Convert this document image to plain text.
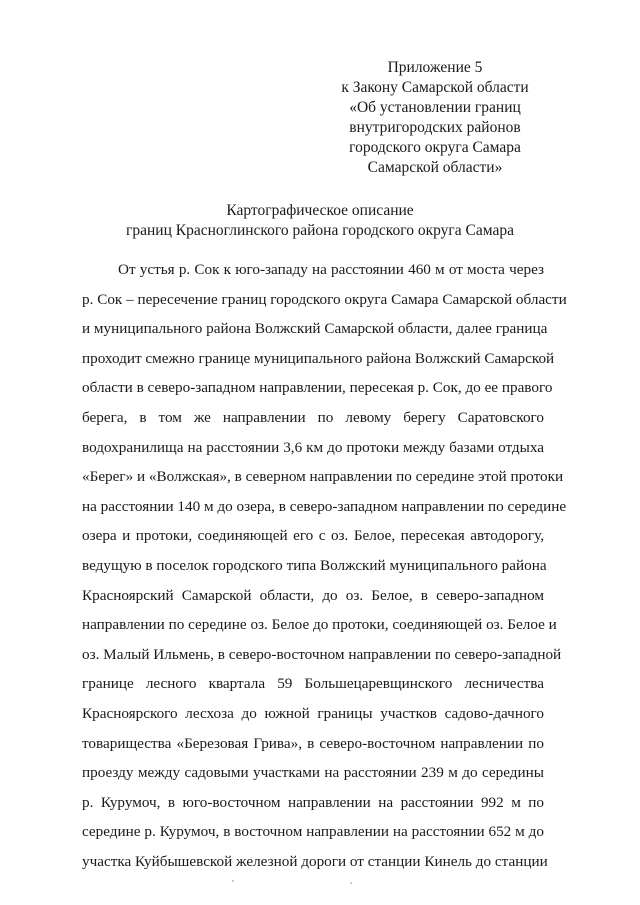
Приложение 5
к Закону Самарской области
«Об установлении границ
внутригородских районов
городского округа Самара
Самарской области»
Картографическое описание
границ Красноглинского района городского округа Самара
От устья р. Сок к юго-западу на расстоянии 460 м от моста через
р. Сок – пересечение границ городского округа Самара Самарской области
и муниципального района Волжский Самарской области, далее граница
проходит смежно границе муниципального района Волжский Самарской
области в северо-западном направлении, пересекая р. Сок, до ее правого
берега, в том же направлении по левому берегу Саратовского
водохранилища на расстоянии 3,6 км до протоки между базами отдыха
«Берег» и «Волжская», в северном направлении по середине этой протоки
на расстоянии 140 м до озера, в северо-западном направлении по середине
озера и протоки, соединяющей его с оз. Белое, пересекая автодорогу,
ведущую в поселок городского типа Волжский муниципального района
Красноярский Самарской области, до оз. Белое, в северо-западном
направлении по середине оз. Белое до протоки, соединяющей оз. Белое и
оз. Малый Ильмень, в северо-восточном направлении по северо-западной
границе лесного квартала 59 Большецаревщинского лесничества
Красноярского лесхоза до южной границы участков садово-дачного
товарищества «Березовая Грива», в северо-восточном направлении по
проезду между садовыми участками на расстоянии 239 м до середины
р. Курумоч, в юго-восточном направлении на расстоянии 992 м по
середине р. Курумоч, в восточном направлении на расстоянии 652 м до
участка Куйбышевской железной дороги от станции Кинель до станции
